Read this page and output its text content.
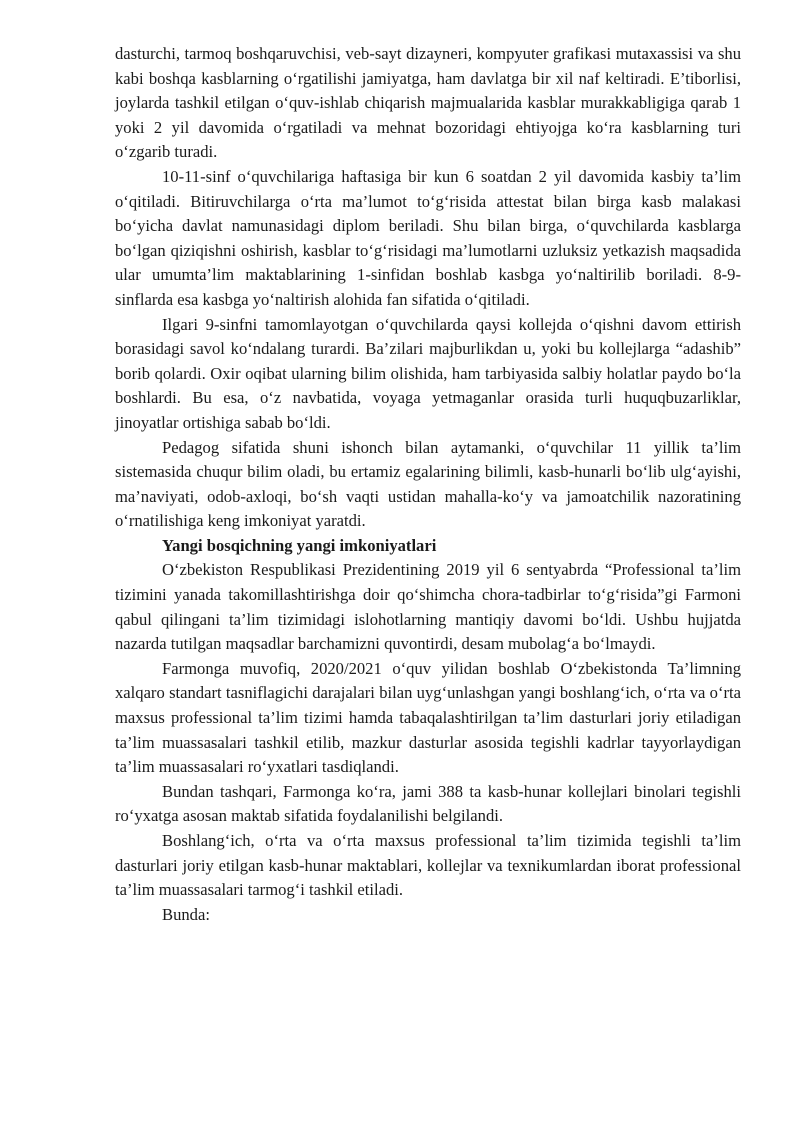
dasturchi, tarmoq boshqaruvchisi, veb-sayt dizayneri, kompyuter grafikasi mutaxassisi va shu kabi boshqa kasblarning o‘rgatilishi jamiyatga, ham davlatga bir xil naf keltiradi. E’tiborlisi, joylarda tashkil etilgan o‘quv-ishlab chiqarish majmualarida kasblar murakkabligiga qarab 1 yoki 2 yil davomida o‘rgatiladi va mehnat bozoridagi ehtiyojga ko‘ra kasblarning turi o‘zgarib turadi.

10-11-sinf o‘quvchilariga haftasiga bir kun 6 soatdan 2 yil davomida kasbiy ta’lim o‘qitiladi. Bitiruvchilarga o‘rta ma’lumot to‘g‘risida attestat bilan birga kasb malakasi bo‘yicha davlat namunasidagi diplom beriladi. Shu bilan birga, o‘quvchilarda kasblarga bo‘lgan qiziqishni oshirish, kasblar to‘g‘risidagi ma’lumotlarni uzluksiz yetkazish maqsadida ular umumta’lim maktablarining 1-sinfidan boshlab kasbga yo‘naltirilib boriladi. 8-9-sinflarda esa kasbga yo‘naltirish alohida fan sifatida o‘qitiladi.

Ilgari 9-sinfni tamomlayotgan o‘quvchilarda qaysi kollejda o‘qishni davom ettirish borasidagi savol ko‘ndalang turardi. Ba’zilari majburlikdan u, yoki bu kollejlarga “adashib” borib qolardi. Oxir oqibat ularning bilim olishida, ham tarbiyasida salbiy holatlar paydo bo‘la boshlardi. Bu esa, o‘z navbatida, voyaga yetmaganlar orasida turli huquqbuzarliklar, jinoyatlar ortishiga sabab bo‘ldi.

Pedagog sifatida shuni ishonch bilan aytamanki, o‘quvchilar 11 yillik ta’lim sistemasida chuqur bilim oladi, bu ertamiz egalarining bilimli, kasb-hunarli bo‘lib ulg‘ayishi, ma’naviyati, odob-axloqi, bo‘sh vaqti ustidan mahalla-ko‘y va jamoatchilik nazoratining o‘rnatilishiga keng imkoniyat yaratdi.

Yangi bosqichning yangi imkoniyatlari

O‘zbekiston Respublikasi Prezidentining 2019 yil 6 sentyabrda “Professional ta’lim tizimini yanada takomillashtirishga doir qo‘shimcha chora-tadbirlar to‘g‘risida”gi Farmoni qabul qilingani ta’lim tizimidagi islohotlarning mantiqiy davomi bo‘ldi. Ushbu hujjatda nazarda tutilgan maqsadlar barchamizni quvontirdi, desam mubolag‘a bo‘lmaydi.

Farmonga muvofiq, 2020/2021 o‘quv yilidan boshlab O‘zbekistonda Ta’limning xalqaro standart tasniflagichi darajalari bilan uyg‘unlashgan yangi boshlang‘ich, o‘rta va o‘rta maxsus professional ta’lim tizimi hamda tabaqalashtirilgan ta’lim dasturlari joriy etiladigan ta’lim muassasalari tashkil etilib, mazkur dasturlar asosida tegishli kadrlar tayyorlaydigan ta’lim muassasalari ro‘yxatlari tasdiqlandi.

Bundan tashqari, Farmonga ko‘ra, jami 388 ta kasb-hunar kollejlari binolari tegishli ro‘yxatga asosan maktab sifatida foydalanilishi belgilandi.

Boshlang‘ich, o‘rta va o‘rta maxsus professional ta’lim tizimida tegishli ta’lim dasturlari joriy etilgan kasb-hunar maktablari, kollejlar va texnikumlardan iborat professional ta’lim muassasalari tarmog‘i tashkil etiladi.

Bunda:
